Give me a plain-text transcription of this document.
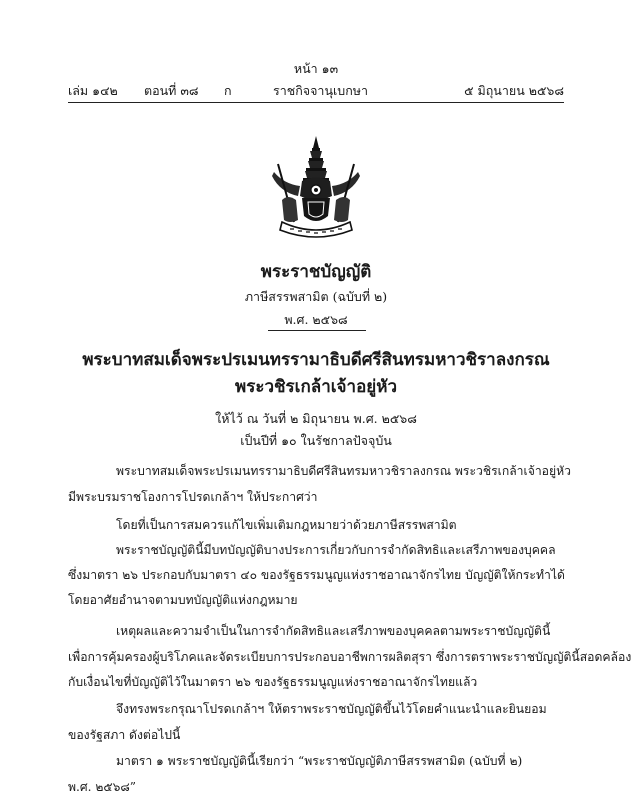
หน้า ๑๓
เล่ม ๑๔๒ ตอนที่ ๓๘ ก	ราชกิจจานุเบกษา	๕ มิถุนายน ๒๕๖๘
พระราชบัญญัติ
ภาษีสรรพสามิต (ฉบับที่ ๒)
พ.ศ. ๒๕๖๘
พระบาทสมเด็จพระปรเมนทรรามาธิบดีศรีสินทรมหาวชิราลงกรณ
พระวชิรเกล้าเจ้าอยู่หัว
ให้ไว้ ณ วันที่ ๒ มิถุนายน พ.ศ. ๒๕๖๘
เป็นปีที่ ๑๐ ในรัชกาลปัจจุบัน
พระบาทสมเด็จพระปรเมนทรรามาธิบดีศรีสินทรมหาวชิราลงกรณ พระวชิรเกล้าเจ้าอยู่หัว
มีพระบรมราชโองการโปรดเกล้าฯ ให้ประกาศว่า
โดยที่เป็นการสมควรแก้ไขเพิ่มเติมกฎหมายว่าด้วยภาษีสรรพสามิต
พระราชบัญญัตินี้มีบทบัญญัติบางประการเกี่ยวกับการจำกัดสิทธิและเสรีภาพของบุคคล
ซึ่งมาตรา ๒๖ ประกอบกับมาตรา ๔๐ ของรัฐธรรมนูญแห่งราชอาณาจักรไทย บัญญัติให้กระทำได้
โดยอาศัยอำนาจตามบทบัญญัติแห่งกฎหมาย
เหตุผลและความจำเป็นในการจำกัดสิทธิและเสรีภาพของบุคคลตามพระราชบัญญัตินี้
เพื่อการคุ้มครองผู้บริโภคและจัดระเบียบการประกอบอาชีพการผลิตสุรา ซึ่งการตราพระราชบัญญัตินี้สอดคล้อง
กับเงื่อนไขที่บัญญัติไว้ในมาตรา ๒๖ ของรัฐธรรมนูญแห่งราชอาณาจักรไทยแล้ว
จึงทรงพระกรุณาโปรดเกล้าฯ ให้ตราพระราชบัญญัติขึ้นไว้โดยคำแนะนำและยินยอม
ของรัฐสภา ดังต่อไปนี้
มาตรา ๑ พระราชบัญญัตินี้เรียกว่า “พระราชบัญญัติภาษีสรรพสามิต (ฉบับที่ ๒)
พ.ศ. ๒๕๖๘”
